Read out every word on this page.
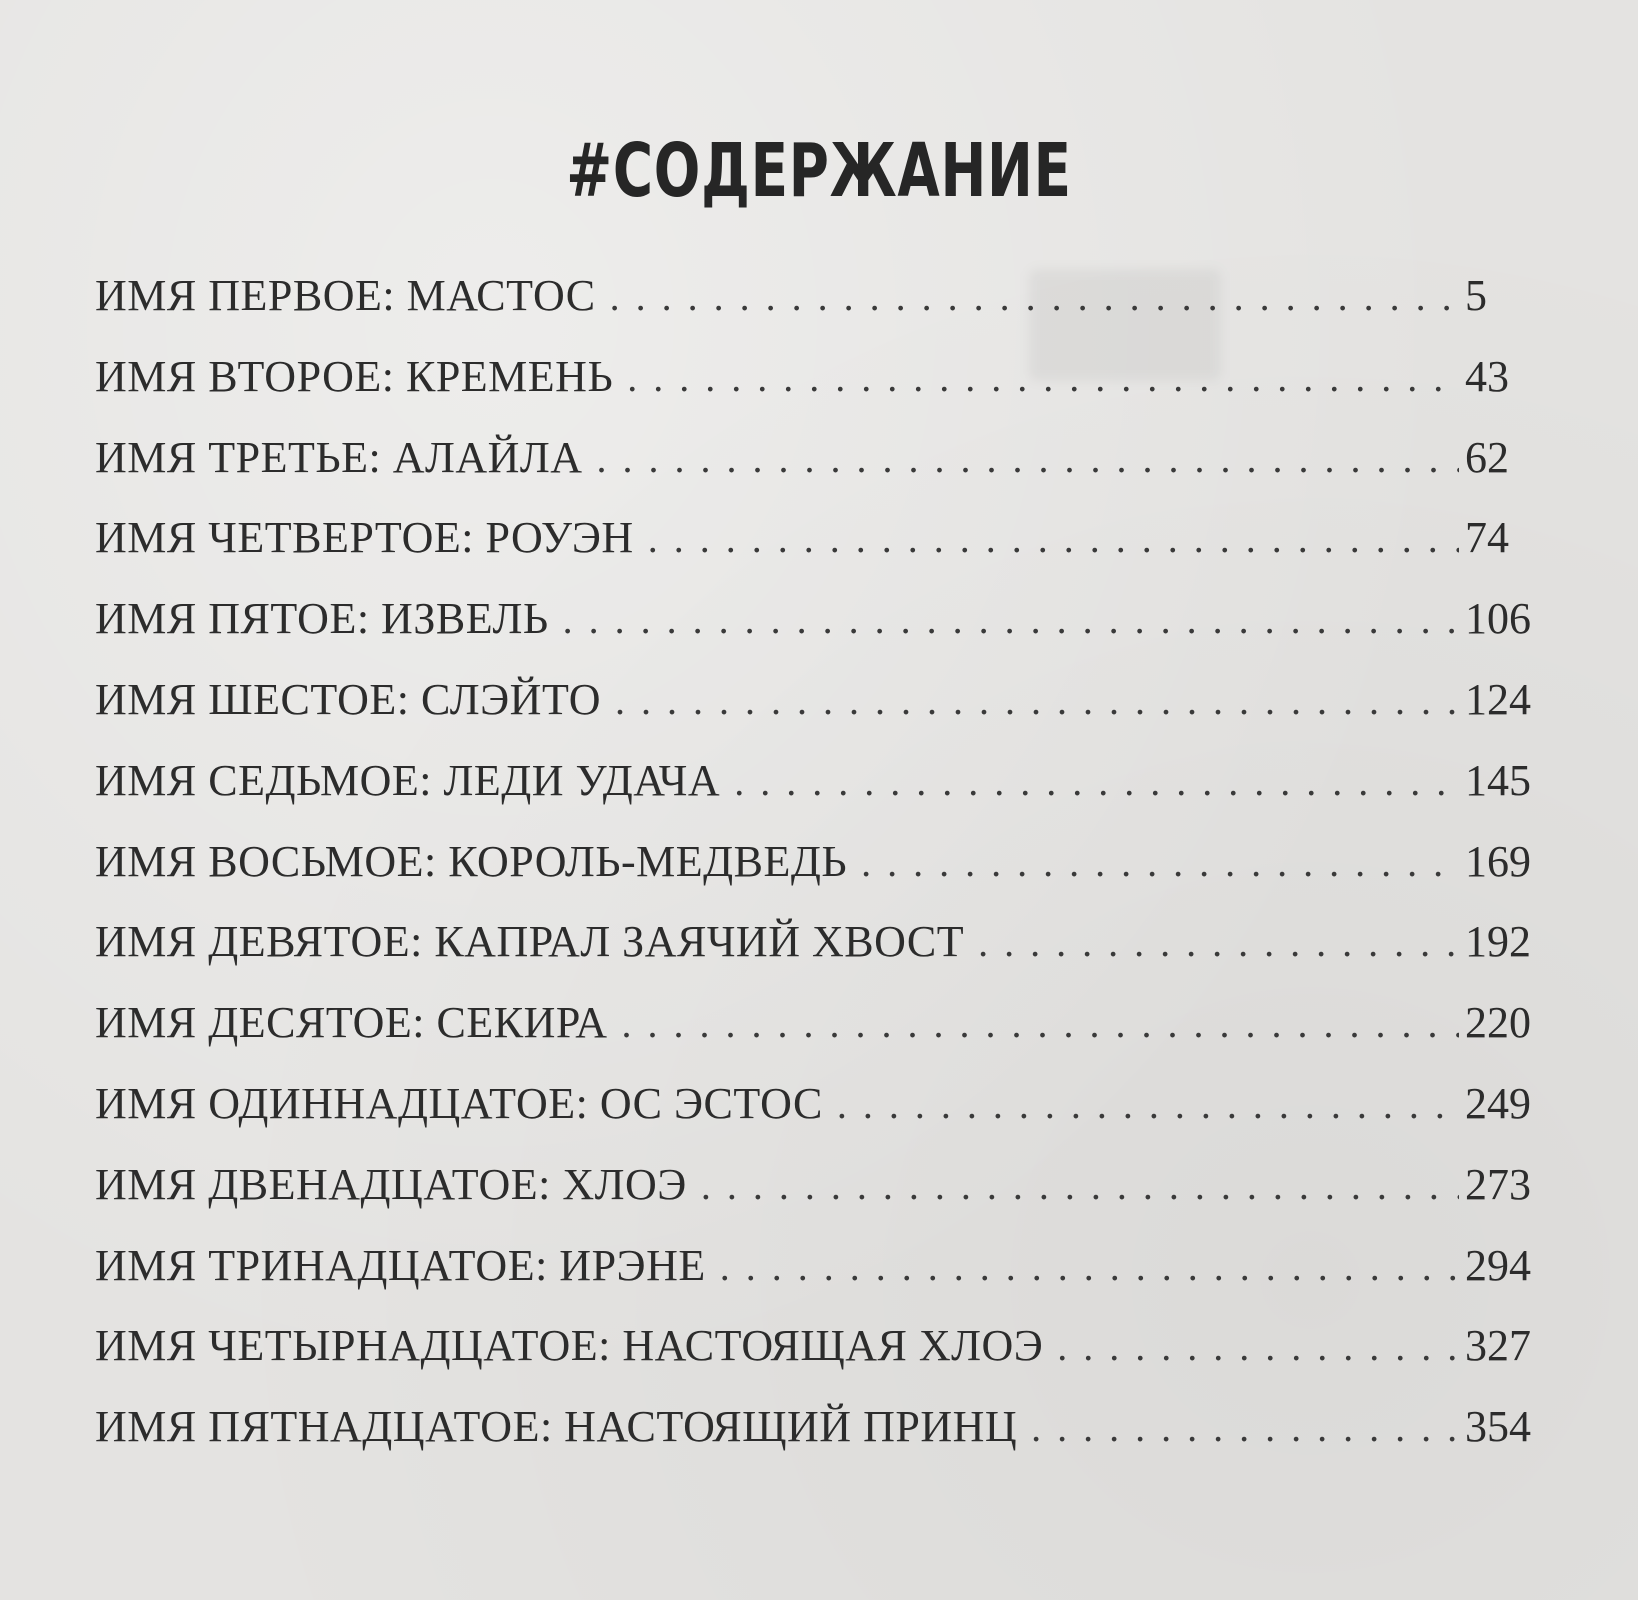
#СОДЕРЖАНИЕ
ИМЯ ПЕРВОЕ: МАСТОС . . .	5
ИМЯ ВТОРОЕ: КРЕМЕНЬ . . .	43
ИМЯ ТРЕТЬЕ: АЛАЙЛА . . .	62
ИМЯ ЧЕТВЕРТОЕ: РОУЭН . . .	74
ИМЯ ПЯТОЕ: ИЗВЕЛЬ . . .	106
ИМЯ ШЕСТОЕ: СЛЭЙТО . . .	124
ИМЯ СЕДЬМОЕ: ЛЕДИ УДАЧА . . .	145
ИМЯ ВОСЬМОЕ: КОРОЛЬ-МЕДВЕДЬ . . .	169
ИМЯ ДЕВЯТОЕ: КАПРАЛ ЗАЯЧИЙ ХВОСТ . . .	192
ИМЯ ДЕСЯТОЕ: СЕКИРА . . .	220
ИМЯ ОДИННАДЦАТОЕ: ОС ЭСТОС . . .	249
ИМЯ ДВЕНАДЦАТОЕ: ХЛОЭ . . .	273
ИМЯ ТРИНАДЦАТОЕ: ИРЭНЕ . . .	294
ИМЯ ЧЕТЫРНАДЦАТОЕ: НАСТОЯЩАЯ ХЛОЭ . . .	327
ИМЯ ПЯТНАДЦАТОЕ: НАСТОЯЩИЙ ПРИНЦ . . .	354
